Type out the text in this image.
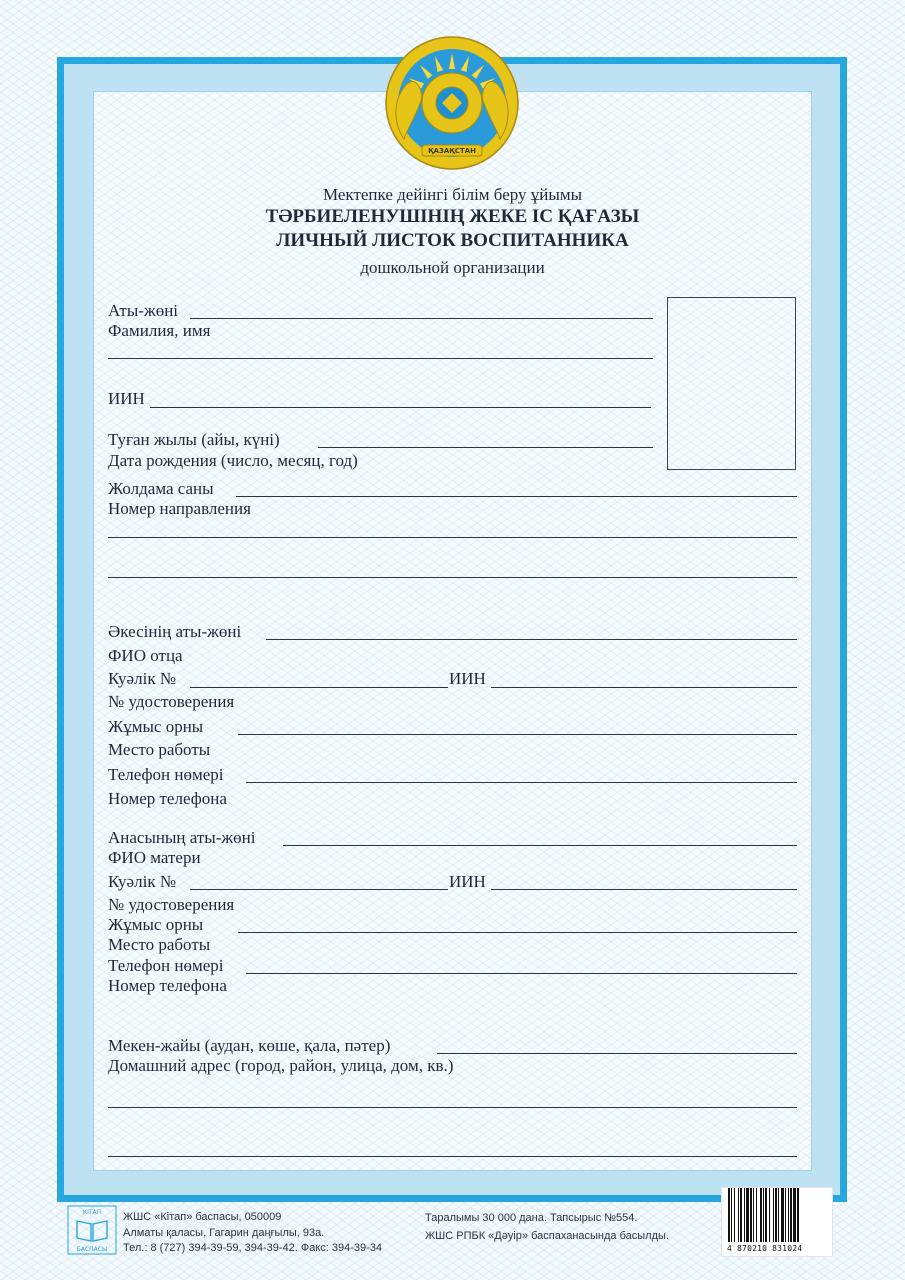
ҚАЗАҚСТАН
Мектепке дейінгі білім беру ұйымы
ТӘРБИЕЛЕНУШІНІҢ ЖЕКЕ ІС ҚАҒАЗЫ
ЛИЧНЫЙ ЛИСТОК ВОСПИТАННИКА
дошкольной организации
Аты-жөні
Фамилия, имя
ИИН
Туған жылы (айы, күні)
Дата рождения (число, месяц, год)
Жолдама саны
Номер направления
Әкесінің аты-жөні
ФИО отца
Куәлік №	ИИН
№ удостоверения
Жұмыс орны
Место работы
Телефон нөмері
Номер телефона
Анасының аты-жөні
ФИО матери
Куәлік №	ИИН
№ удостоверения
Жұмыс орны
Место работы
Телефон нөмері
Номер телефона
Мекен-жайы (аудан, көше, қала, пәтер)
Домашний адрес (город, район, улица, дом, кв.)
КІТАП
БАСПАСЫ
ЖШС «Кітап» баспасы, 050009
Алматы қаласы, Гагарин даңғылы, 93а.
Тел.: 8 (727) 394-39-59, 394-39-42. Факс: 394-39-34
Таралымы 30 000 дана. Тапсырыс №554.
ЖШС РПБК «Дәуір» баспаханасында басылды.
4 870210 831024
